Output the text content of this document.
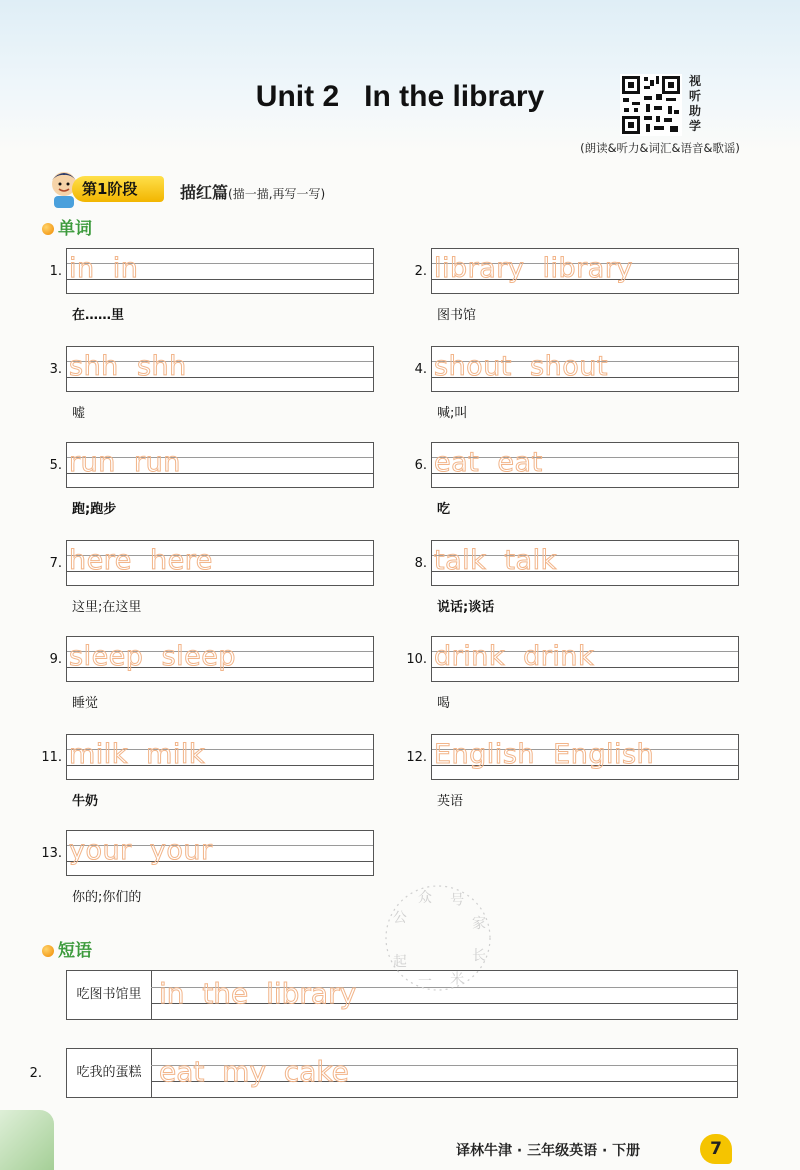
Unit 2   In the library	视
听
助
学
(朗读&听力&词汇&语音&歌谣)
第1阶段	描红篇(描一描,再写一写)
单词
1. in  in
在……里
2. library  library
图书馆
3. shh  shh
嘘
4. shout  shout
喊;叫
5. run  run
跑;跑步
6. eat  eat
吃
7. here  here
这里;在这里
8. talk  talk
说话;谈话
9. sleep  sleep
睡觉
10. drink  drink
喝
11. milk  milk
牛奶
12. English  English
英语
13. your  your
你的;你们的
短语
吃图书馆里 in  the  library
2.	吃我的蛋糕 eat  my  cake
公
众 号
家
长
米
一
起
译林牛津 · 三年级英语 · 下册	7
